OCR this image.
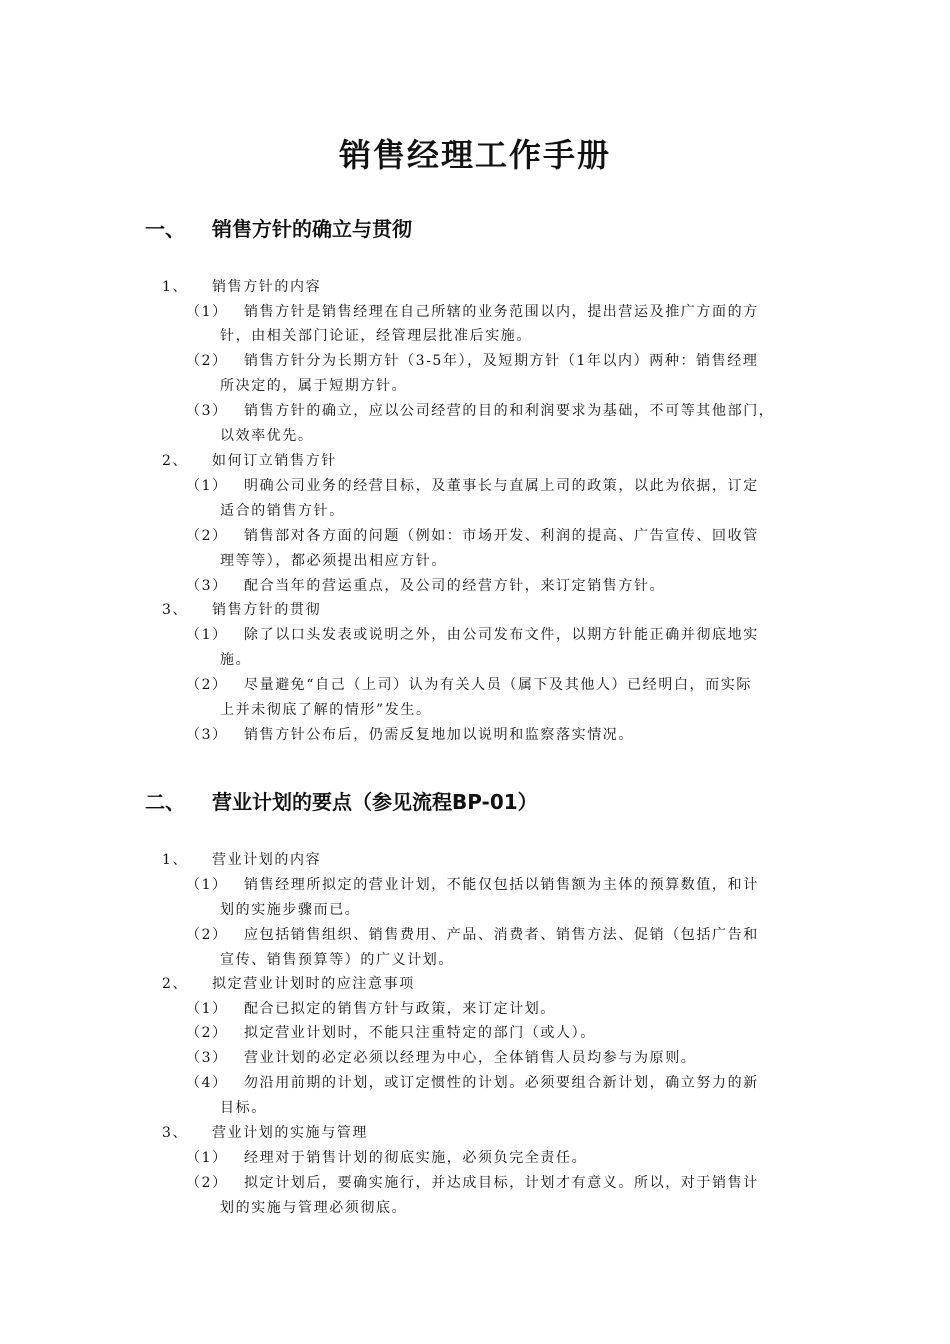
销售经理工作手册
一、 销售方针的确立与贯彻
1、 销售方针的内容
（1） 销售方针是销售经理在自己所辖的业务范围以内，提出营运及推广方面的方
针，由相关部门论证，经管理层批准后实施。
（2） 销售方针分为长期方针（3-5年），及短期方针（1年以内）两种：销售经理
所决定的，属于短期方针。
（3） 销售方针的确立，应以公司经营的目的和利润要求为基础，不可等其他部门，
以效率优先。
2、 如何订立销售方针
（1） 明确公司业务的经营目标，及董事长与直属上司的政策，以此为依据，订定
适合的销售方针。
（2） 销售部对各方面的问题（例如：市场开发、利润的提高、广告宣传、回收管
理等等），都必须提出相应方针。
（3） 配合当年的营运重点，及公司的经营方针，来订定销售方针。
3、 销售方针的贯彻
（1） 除了以口头发表或说明之外，由公司发布文件，以期方针能正确并彻底地实
施。
（2） 尽量避免“自己（上司）认为有关人员（属下及其他人）已经明白，而实际
上并未彻底了解的情形”发生。
（3） 销售方针公布后，仍需反复地加以说明和监察落实情况。
二、 营业计划的要点（参见流程BP-01）
1、 营业计划的内容
（1） 销售经理所拟定的营业计划，不能仅包括以销售额为主体的预算数值，和计
划的实施步骤而已。
（2） 应包括销售组织、销售费用、产品、消费者、销售方法、促销（包括广告和
宣传、销售预算等）的广义计划。
2、 拟定营业计划时的应注意事项
（1） 配合已拟定的销售方针与政策，来订定计划。
（2） 拟定营业计划时，不能只注重特定的部门（或人）。
（3） 营业计划的必定必须以经理为中心，全体销售人员均参与为原则。
（4） 勿沿用前期的计划，或订定惯性的计划。必须要组合新计划，确立努力的新
目标。
3、 营业计划的实施与管理
（1） 经理对于销售计划的彻底实施，必须负完全责任。
（2） 拟定计划后，要确实施行，并达成目标，计划才有意义。所以，对于销售计
划的实施与管理必须彻底。
